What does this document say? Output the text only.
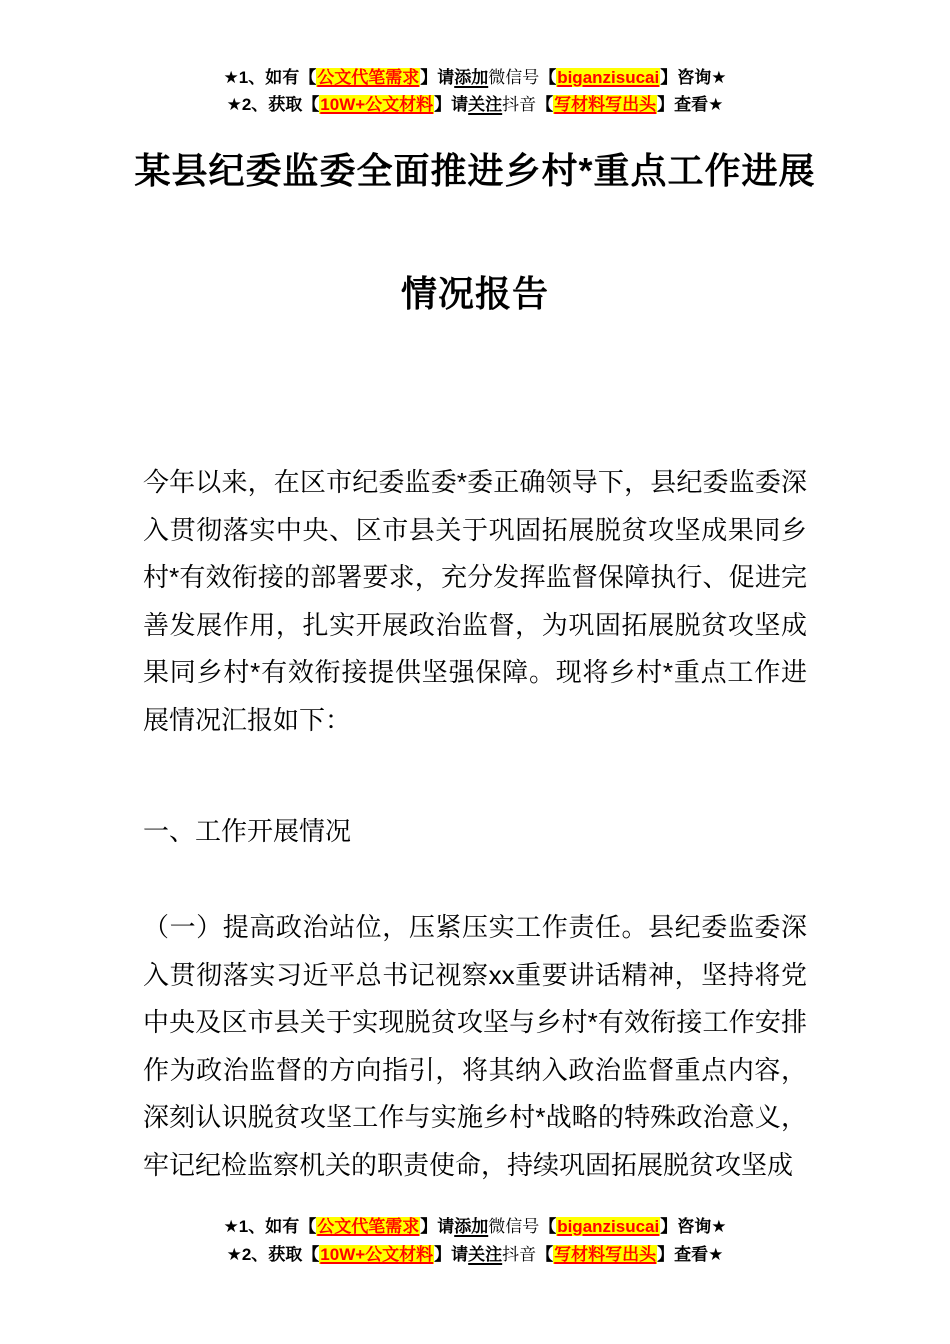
★1、如有【公文代笔需求】请添加微信号【biganzisucai】咨询★
★2、获取【10W+公文材料】请关注抖音【写材料写出头】查看★
某县纪委监委全面推进乡村*重点工作进展
情况报告

今年以来，在区市纪委监委*委正确领导下，县纪委监委深入贯彻落实中央、区市县关于巩固拓展脱贫攻坚成果同乡村*有效衔接的部署要求，充分发挥监督保障执行、促进完善发展作用，扎实开展政治监督，为巩固拓展脱贫攻坚成果同乡村*有效衔接提供坚强保障。现将乡村*重点工作进展情况汇报如下：

一、工作开展情况

（一）提高政治站位，压紧压实工作责任。县纪委监委深入贯彻落实习近平总书记视察xx重要讲话精神，坚持将党中央及区市县关于实现脱贫攻坚与乡村*有效衔接工作安排作为政治监督的方向指引，将其纳入政治监督重点内容，深刻认识脱贫攻坚工作与实施乡村*战略的特殊政治意义，牢记纪检监察机关的职责使命，持续巩固拓展脱贫攻坚成

★1、如有【公文代笔需求】请添加微信号【biganzisucai】咨询★
★2、获取【10W+公文材料】请关注抖音【写材料写出头】查看★
